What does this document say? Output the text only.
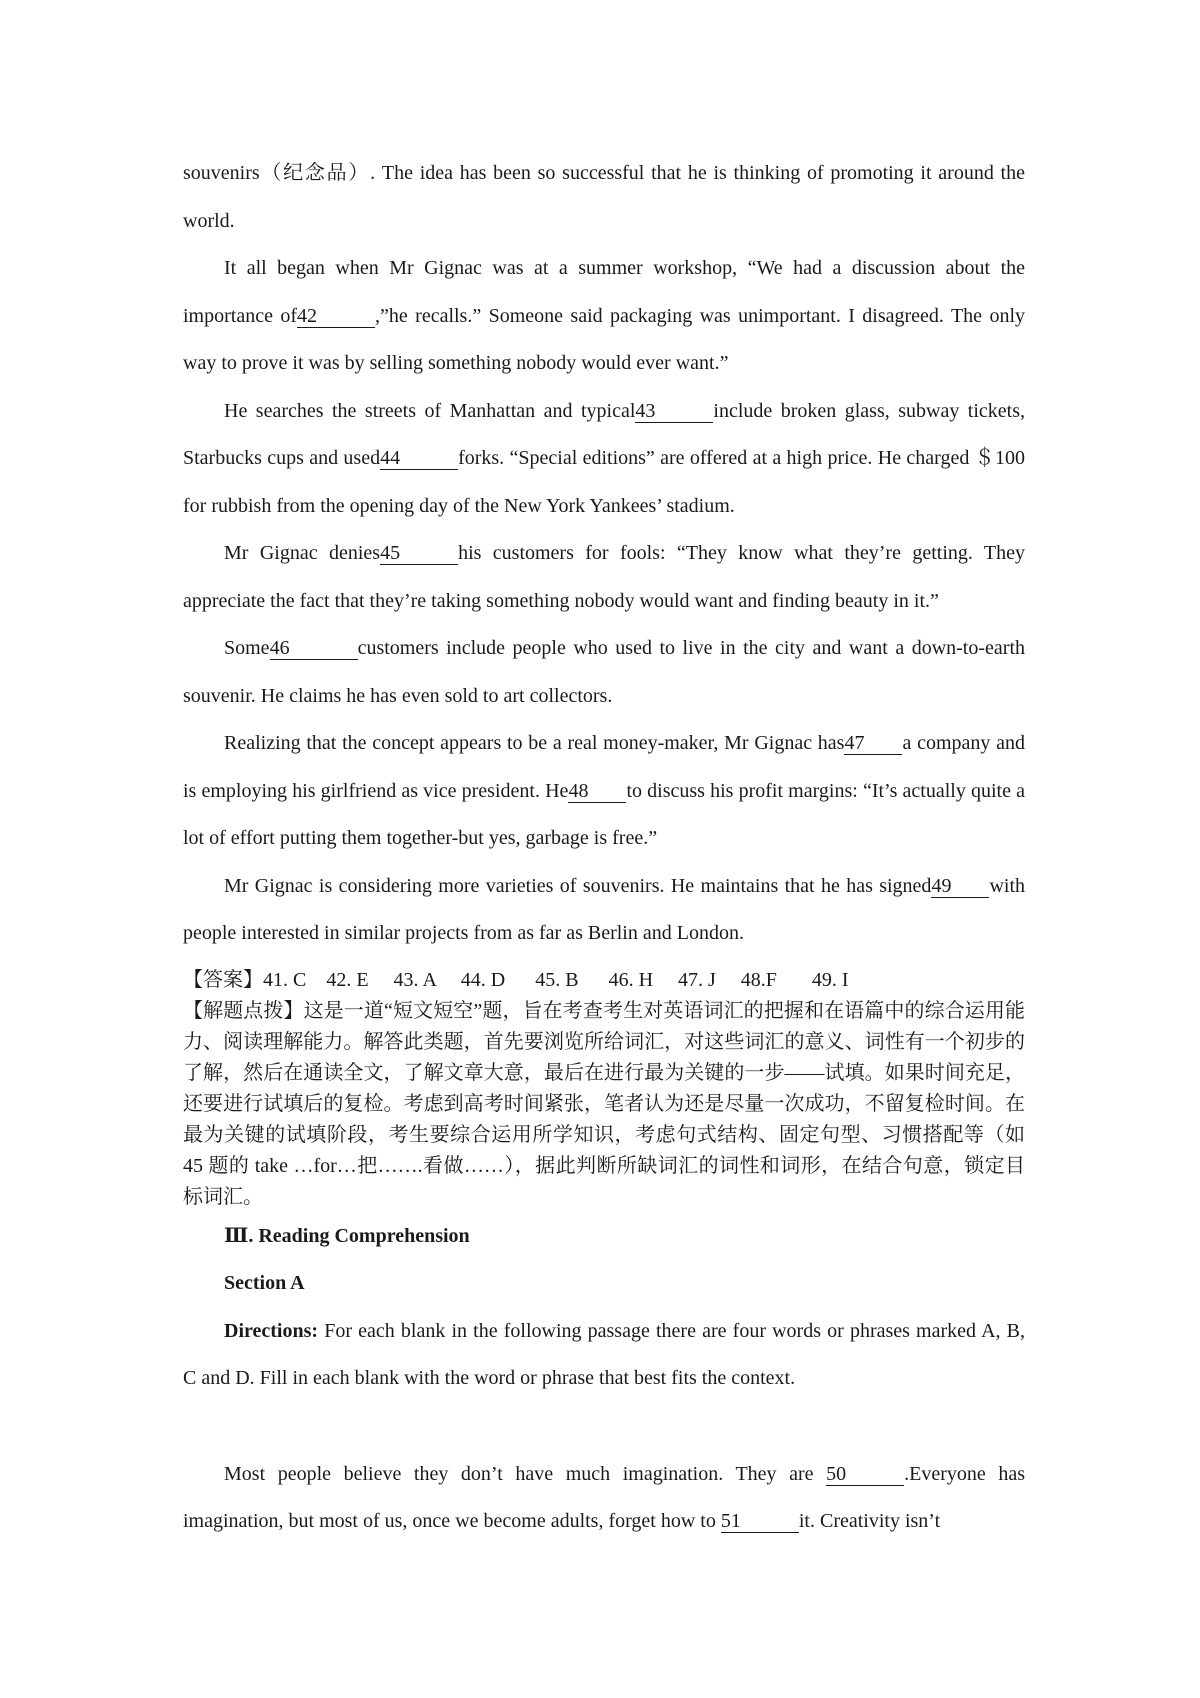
souvenirs（纪念品）. The idea has been so successful that he is thinking of promoting it around the world.

It all began when Mr Gignac was at a summer workshop, “We had a discussion about the importance of42	,”he recalls.” Someone said packaging was unimportant. I disagreed. The only way to prove it was by selling something nobody would ever want.”

He searches the streets of Manhattan and typical43	include broken glass, subway tickets, Starbucks cups and used44	forks. “Special editions” are offered at a high price. He charged ＄100 for rubbish from the opening day of the New York Yankees’ stadium.

Mr Gignac denies45	his customers for fools: “They know what they’re getting. They appreciate the fact that they’re taking something nobody would want and finding beauty in it.”

Some46	customers include people who used to live in the city and want a down-to-earth souvenir. He claims he has even sold to art collectors.

Realizing that the concept appears to be a real money-maker, Mr Gignac has47 a company and is employing his girlfriend as vice president. He48 to discuss his profit margins: “It’s actually quite a lot of effort putting them together-but yes, garbage is free.”

Mr Gignac is considering more varieties of souvenirs. He maintains that he has signed49 with people interested in similar projects from as far as Berlin and London.

【答案】41. C    42. E     43. A     44. D      45. B      46. H     47. J     48.F       49. I

【解题点拨】这是一道“短文短空”题，旨在考查考生对英语词汇的把握和在语篇中的综合运用能力、阅读理解能力。解答此类题，首先要浏览所给词汇，对这些词汇的意义、词性有一个初步的了解，然后在通读全文，了解文章大意，最后在进行最为关键的一步——试填。如果时间充足，还要进行试填后的复检。考虑到高考时间紧张，笔者认为还是尽量一次成功，不留复检时间。在最为关键的试填阶段，考生要综合运用所学知识，考虑句式结构、固定句型、习惯搭配等（如 45 题的 take …for…把…….看做……），据此判断所缺词汇的词性和词形，在结合句意，锁定目标词汇。

Ⅲ. Reading Comprehension

Section A

Directions: For each blank in the following passage there are four words or phrases marked A, B, C and D. Fill in each blank with the word or phrase that best fits the context.

Most people believe they don’t have much imagination. They are 50	.Everyone has imagination, but most of us, once we become adults, forget how to 51	it. Creativity isn’t
